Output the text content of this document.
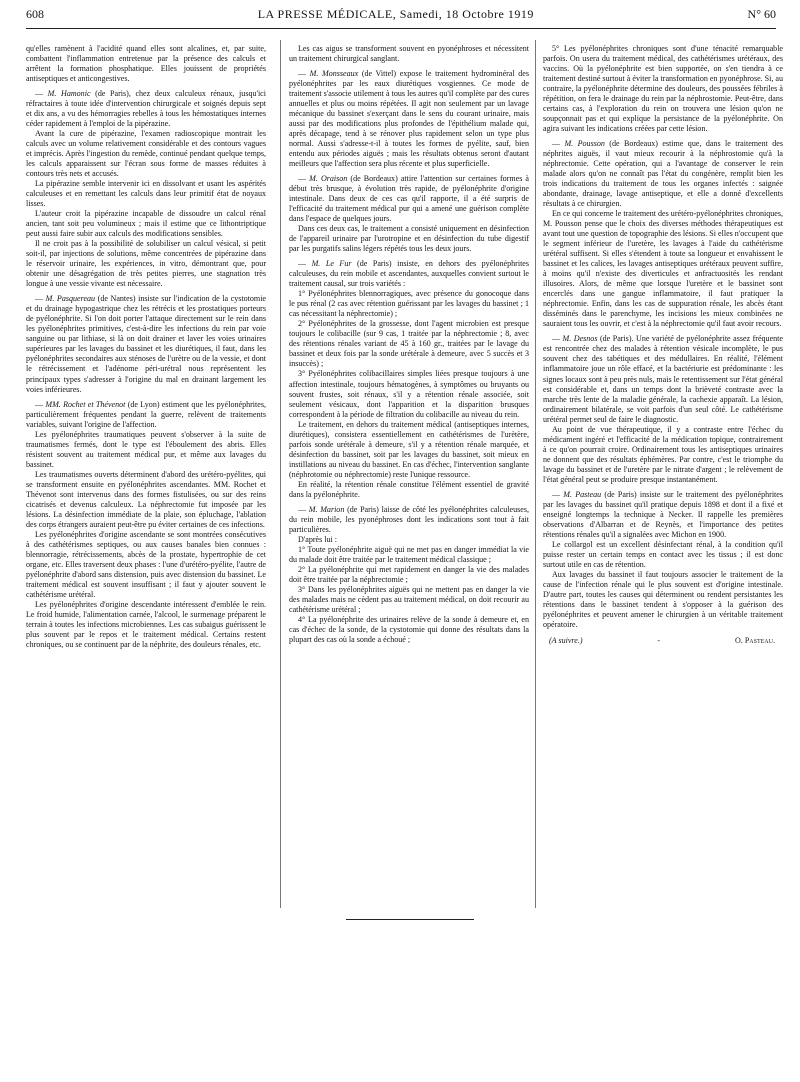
608	LA PRESSE MÉDICALE, Samedi, 18 Octobre 1919	N° 60

qu'elles ramènent à l'acidité quand elles sont alcalines, et, par suite, combattent l'inflammation entretenue par la présence des calculs et arrêtent la formation phosphatique. Elles jouissent de propriétés antiseptiques et anticongestives.

— M. Hamonic (de Paris), chez deux calculeux rénaux, jusqu'ici réfractaires à toute idée d'intervention chirurgicale et soignés depuis sept et dix ans, a vu des hémorragies rebelles à tous les hémostatiques internes céder rapidement à l'emploi de la pipérazine.

Avant la cure de pipérazine, l'examen radioscopique montrait les calculs avec un volume relativement considérable et des contours vagues et imprécis. Après l'ingestion du remède, continué pendant quelque temps, les calculs apparaissent sur l'écran sous forme de masses réduites à contours très nets et accusés.

La pipérazine semble intervenir ici en dissolvant et usant les aspérités calculeuses et en remettant les calculs dans leur primitif état de noyaux lisses.

L'auteur croit la pipérazine incapable de dissoudre un calcul rénal ancien, tant soit peu volumineux ; mais il estime que ce lithontriptique peut aussi faire subir aux calculs des modifications sensibles.

Il ne croit pas à la possibilité de solubiliser un calcul vésical, si petit soit-il, par injections de solutions, même concentrées de pipérazine dans le réservoir urinaire, les expériences, in vitro, démontrant que, pour obtenir une désagrégation de très petites pierres, une stagnation très longue à une vessie vivante est nécessaire.

— M. Pasquereau (de Nantes) insiste sur l'indication de la cystotomie et du drainage hypogastrique chez les rétrécis et les prostatiques porteurs de pyélonéphrite. Si l'on doit porter l'attaque directement sur le rein dans les pyélonéphrites primitives, c'est-à-dire les infections du rein par voie sanguine ou par lithiase, si là on doit drainer et laver les voies urinaires supérieures par les lavages du bassinet et les diurétiques, il faut, dans les pyélonéphrites secondaires aux sténoses de l'urètre ou de la vessie, et dont le rétrécissement et l'adénome péri-urétral nous représentent les principaux types s'adresser à l'origine du mal en drainant largement les voies inférieures.

— MM. Rochet et Thévenot (de Lyon) estiment que les pyélonéphrites, particulièrement fréquentes pendant la guerre, relèvent de traitements variables, suivant l'origine de l'affection.

Les pyélonéphrites traumatiques peuvent s'observer à la suite de traumatismes fermés, dont le type est l'éboulement des abris. Elles résistent souvent au traitement médical pur, et même aux lavages du bassinet.

Les traumatismes ouverts déterminent d'abord des urétéro-pyélites, qui se transforment ensuite en pyélonéphrites ascendantes. MM. Rochet et Thévenot sont intervenus dans des formes fistulisées, ou sur des reins cicatrisés et devenus calculeux. La néphrectomie fut imposée par les lésions. La désinfection immédiate de la plaie, son épluchage, l'ablation des corps étrangers auraient peut-être pu éviter certaines de ces infections.

Les pyélonéphrites d'origine ascendante se sont montrées consécutives à des cathétérismes septiques, ou aux causes banales bien connues : blennorragie, rétrécissements, abcès de la prostate, hypertrophie de cet organe, etc. Elles traversent deux phases : l'une d'urétéro-pyélite, l'autre de pyélonéphrite d'abord sans distension, puis avec distension du bassinet. Le traitement médical est souvent insuffisant ; il faut y ajouter souvent le cathétérisme urétéral.

Les pyélonéphrites d'origine descendante intéressent d'emblée le rein. Le froid humide, l'alimentation carnée, l'alcool, le surmenage préparent le terrain à toutes les infections microbiennes. Les cas subaigus guérissent le plus souvent par le repos et le traitement médical. Certains restent chroniques, ou se continuent par de la néphrite, des douleurs rénales, etc.

Les cas aigus se transforment souvent en pyonéphroses et nécessitent un traitement chirurgical sanglant.

— M. Monsseaux (de Vittel) expose le traitement hydrominéral des pyélonéphrites par les eaux diurétiques vosgiennes. Ce mode de traitement s'associe utilement à tous les autres qu'il complète par des cures annuelles et plus ou moins répétées. Il agit non seulement par un lavage mécanique du bassinet s'exerçant dans le sens du courant urinaire, mais aussi par des modifications plus profondes de l'épithélium malade qui, après décapage, tend à se rénover plus rapidement selon un type plus normal. Aussi s'adresse-t-il à toutes les formes de pyélite, sauf, bien entendu aux périodes aiguës ; mais les résultats obtenus seront d'autant meilleurs que l'affection sera plus récente et plus superficielle.

— M. Oraison (de Bordeaux) attire l'attention sur certaines formes à début très brusque, à évolution très rapide, de pyélonéphrite d'origine intestinale. Dans deux de ces cas qu'il rapporte, il a été surpris de l'efficacité du traitement médical pur qui a amené une guérison complète dans l'espace de quelques jours.

Dans ces deux cas, le traitement a consisté uniquement en désinfection de l'appareil urinaire par l'urotropine et en désinfection du tube digestif par les purgatifs salins légers répétés tous les deux jours.

— M. Le Fur (de Paris) insiste, en dehors des pyélonéphrites calculeuses, du rein mobile et ascendantes, auxquelles convient surtout le traitement causal, sur trois variétés :

1° Pyélonéphrites blennorragiques, avec présence du gonocoque dans le pus rénal (2 cas avec rétention guérissant par les lavages du bassinet ; 1 cas nécessitant la néphrectomie) ;

2° Pyélonéphrites de la grossesse, dont l'agent microbien est presque toujours le colibacille (sur 9 cas, 1 traitée par la néphrectomie ; 8, avec des rétentions rénales variant de 45 à 160 gr., traitées par le lavage du bassinet et deux fois par la sonde urétérale à demeure, avec 5 succès et 3 insuccès) ;

3° Pyélonéphrites colibacillaires simples liées presque toujours à une affection intestinale, toujours hématogènes, à symptômes ou bruyants ou souvent frustes, soit rénaux, s'il y a rétention rénale associée, soit seulement vésicaux, dont l'apparition et la disparition brusques correspondent à la période de filtration du colibacille au niveau du rein.

Le traitement, en dehors du traitement médical (antiseptiques internes, diurétiques), consistera essentiellement en cathétérismes de l'urètère, parfois sonde urétérale à demeure, s'il y a rétention rénale marquée, et désinfection du bassinet, soit par les lavages du bassinet, soit mieux en instillations au niveau du bassinet. En cas d'échec, l'intervention sanglante (néphrotomie ou néphrectomie) reste l'unique ressource.

En réalité, la rétention rénale constitue l'élément essentiel de gravité dans la pyélonéphrite.

— M. Marion (de Paris) laisse de côté les pyélonéphrites calculeuses, du rein mobile, les pyonéphroses dont les indications sont tout à fait particulières.

D'après lui :

1° Toute pyélonéphrite aiguë qui ne met pas en danger immédiat la vie du malade doit être traitée par le traitement médical classique ;

2° La pyélonéphrite qui met rapidement en danger la vie des malades doit être traitée par la néphrectomie ;

3° Dans les pyélonéphrites aiguës qui ne mettent pas en danger la vie des malades mais ne cèdent pas au traitement médical, on doit recourir au cathétérisme urétéral ;

4° La pyélonéphrite des urinaires relève de la sonde à demeure et, en cas d'échec de la sonde, de la cystotomie qui donne des résultats dans la plupart des cas où la sonde a échoué ;

5° Les pyélonéphrites chroniques sont d'une ténacité remarquable parfois. On usera du traitement médical, des cathétérismes urétéraux, des vaccins. Où la pyélonéphrite est bien supportée, on s'en tiendra à ce traitement destiné surtout à éviter la transformation en pyonéphrose. Si, au contraire, la pyélonéphrite détermine des douleurs, des poussées fébriles à répétition, on fera le drainage du rein par la néphrostomie. Peut-être, dans certains cas, à l'exploration du rein on trouvera une lésion qu'on ne soupçonnait pas et qui explique la persistance de la pyélonéphrite. On agira suivant les indications créées par cette lésion.

— M. Pousson (de Bordeaux) estime que, dans le traitement des néphrites aiguës, il vaut mieux recourir à la néphrostomie qu'à la néphrectomie. Cette opération, qui a l'avantage de conserver le rein malade alors qu'on ne connaît pas l'état du congénère, remplit bien les trois indications du traitement de tous les organes infectés : saignée abondante, drainage, lavage antiseptique, et elle a donné d'excellents résultats à ce chirurgien.

En ce qui concerne le traitement des urétéro-pyélonéphrites chroniques, M. Pousson pense que le choix des diverses méthodes thérapeutiques est avant tout une question de topographie des lésions. Si elles n'occupent que le segment inférieur de l'uretère, les lavages à l'aide du cathétérisme urétéral suffisent. Si elles s'étendent à toute sa longueur et envahissent le bassinet et les calices, les lavages antiseptiques urétéraux peuvent suffire, à moins qu'il n'existe des diverticules et anfractuosités les rendant illusoires. Alors, de même que lorsque l'uretère et le bassinet sont encerclés dans une gangue inflammatoire, il faut pratiquer la néphrectomie. Enfin, dans les cas de suppuration rénale, les abcès étant disséminés dans le parenchyme, les incisions les mieux combinées ne sauraient tous les ouvrir, et c'est à la néphrectomie qu'il faut avoir recours.

— M. Desnos (de Paris). Une variété de pyélonéphrite assez fréquente est rencontrée chez des malades à rétention vésicale incomplète, le pus souvent chez des tabétiques et des médullaires. En réalité, l'élément inflammatoire joue un rôle effacé, et la bactériurie est prédominante : les signes locaux sont à peu près nuls, mais le retentissement sur l'état général est considérable et, dans un temps dont la brièveté contraste avec la marche très lente de la maladie générale, la cachexie apparaît. La lésion, ordinairement bilatérale, se voit parfois d'un seul côté. Le cathétérisme urétéral permet seul de faire le diagnostic.

Au point de vue thérapeutique, il y a contraste entre l'échec du médicament ingéré et l'efficacité de la médication topique, contrairement à ce qu'on pourrait croire. Ordinairement tous les antiseptiques urinaires ne donnent que des résultats éphémères. Par contre, c'est le triomphe du lavage du bassinet et de l'uretère par le nitrate d'argent ; le relèvement de l'état général peut se produire presque instantanément.

— M. Pasteau (de Paris) insiste sur le traitement des pyélonéphrites par les lavages du bassinet qu'il pratique depuis 1898 et dont il a fixé et enseigné longtemps la technique à Necker. Il rappelle les premières observations d'Albarran et de Reynès, et l'importance des petites rétentions rénales qu'il a signalées avec Michon en 1900.

Le collargol est un excellent désinfectant rénal, à la condition qu'il puisse rester un certain temps en contact avec les tissus ; il est donc surtout utile en cas de rétention.

Aux lavages du bassinet il faut toujours associer le traitement de la cause de l'infection rénale qui le plus souvent est d'origine intestinale. D'autre part, toutes les causes qui déterminent ou rendent persistantes les rétentions dans le bassinet tendent à s'opposer à la guérison des pyélonéphrites et peuvent amener le chirurgien à un véritable traitement opératoire.

(A suivre.)	-	O. Pasteau.
